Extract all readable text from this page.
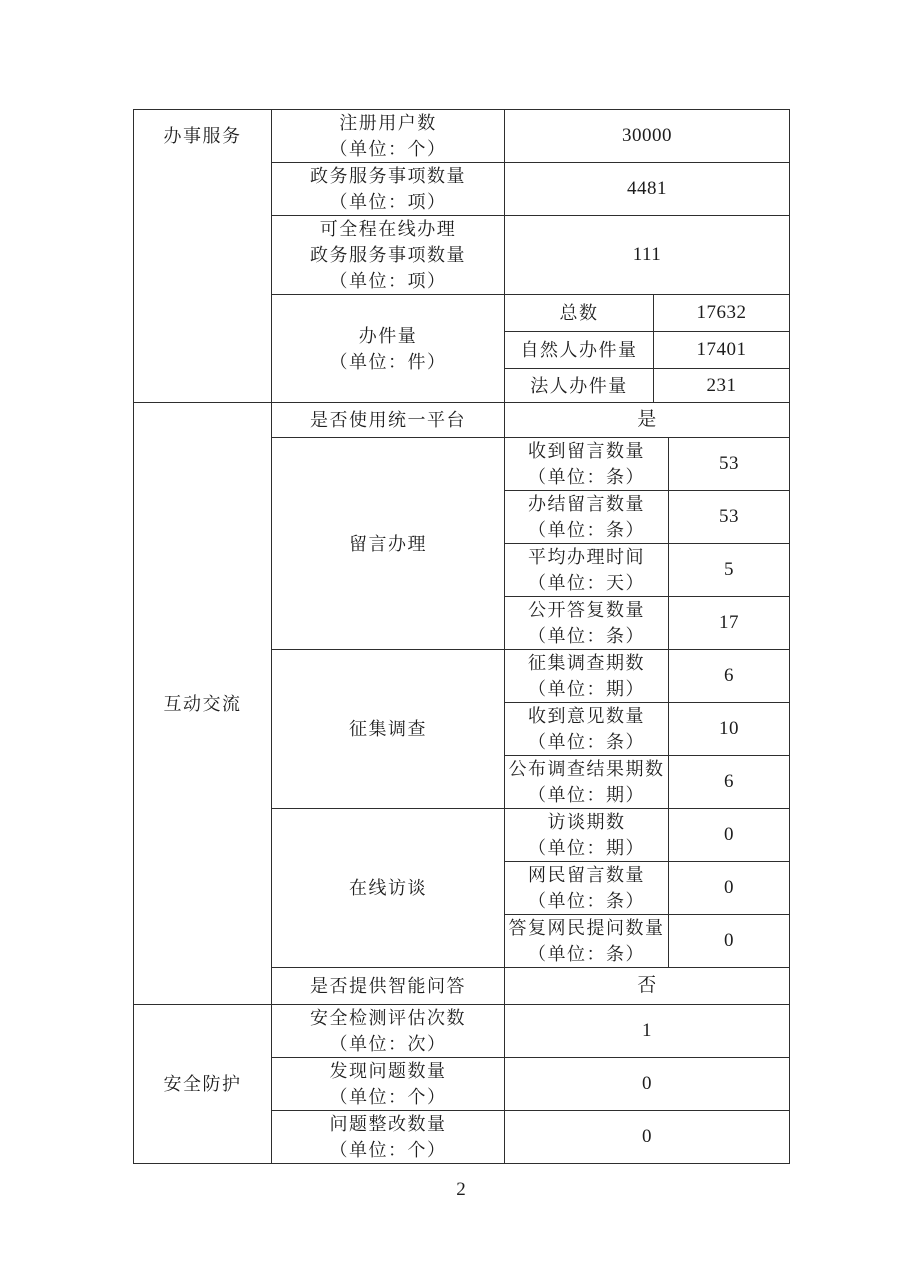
办事服务	注册用户数
（单位：个）	30000		

	政务服务事项数量
（单位：项）	4481		

	可全程在线办理
政务服务事项数量
（单位：项）	111		

	办件量
（单位：件）	总数	17632	
		自然人办件量	17401	
		法人办件量	231	

互动交流	是否使用统一平台	是		
	留言办理	收到留言数量
（单位：条）		53

		办结留言数量
（单位：条）		53

		平均办理时间
（单位：天）		5

		公开答复数量
（单位：条）		17
	征集调查	征集调查期数
（单位：期）		6

		收到意见数量
（单位：条）		10

		公布调查结果期数
（单位：期）		6
	在线访谈	访谈期数
（单位：期）		0

		网民留言数量
（单位：条）		0

		答复网民提问数量
（单位：条）		0
	是否提供智能问答	否		

安全防护	安全检测评估次数
（单位：次）	1		

	发现问题数量
（单位：个）	0		

	问题整改数量
（单位：个）	0		
2
